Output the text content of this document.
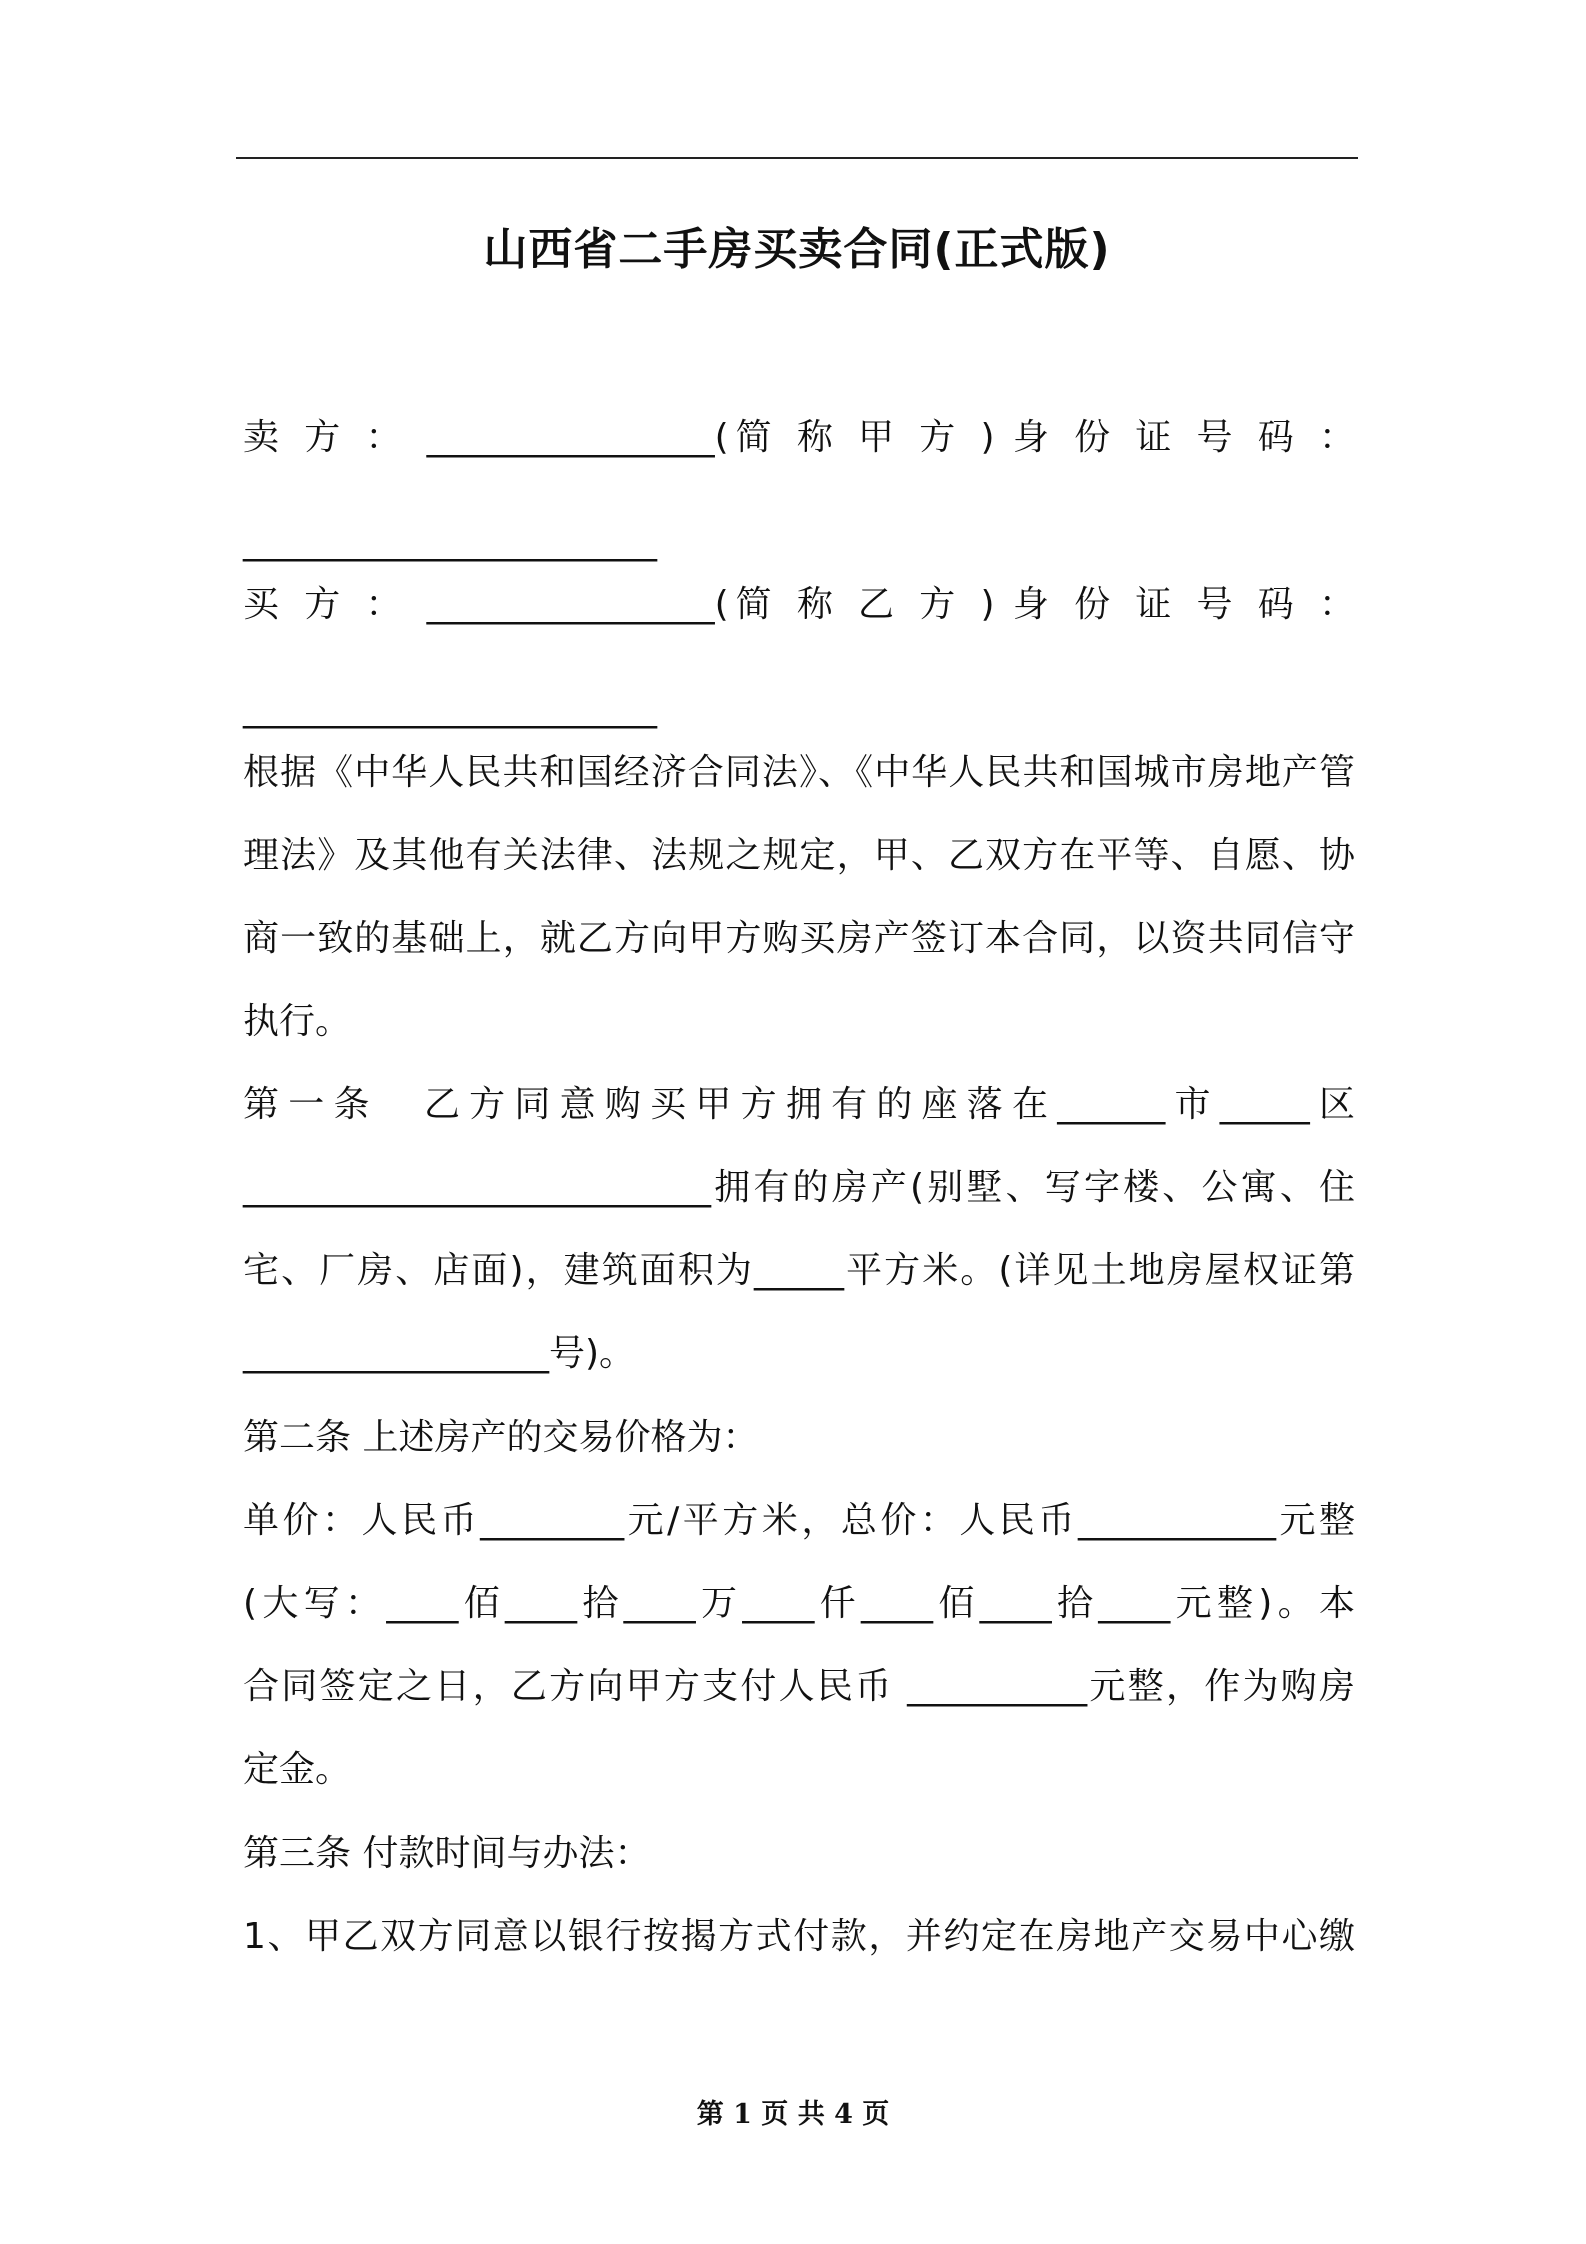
山西省二手房买卖合同(正式版)
卖 方 ： ________________(简 称 甲 方 ) 身 份 证 号 码 ：
_______________________
买 方 ： ________________(简 称 乙 方 ) 身 份 证 号 码 ：
_______________________
根据《中华人民共和国经济合同法》、《中华人民共和国城市房地产管
理法》及其他有关法律、法规之规定，甲、乙双方在平等、自愿、协
商一致的基础上，就乙方向甲方购买房产签订本合同，以资共同信守
执行。
第一条　乙方同意购买甲方拥有的座落在______市_____区
__________________________拥有的房产(别墅、写字楼、公寓、住
宅、厂房、店面)，建筑面积为_____平方米。(详见土地房屋权证第
_________________号)。
第二条 上述房产的交易价格为：
单价：人民币________元/平方米，总价：人民币___________元整
(大写：____佰____拾____万____仟____佰____拾____元整)。本
合同签定之日，乙方向甲方支付人民币 __________元整，作为购房
定金。
第三条 付款时间与办法：
1、甲乙双方同意以银行按揭方式付款，并约定在房地产交易中心缴
第 1 页 共 4 页
